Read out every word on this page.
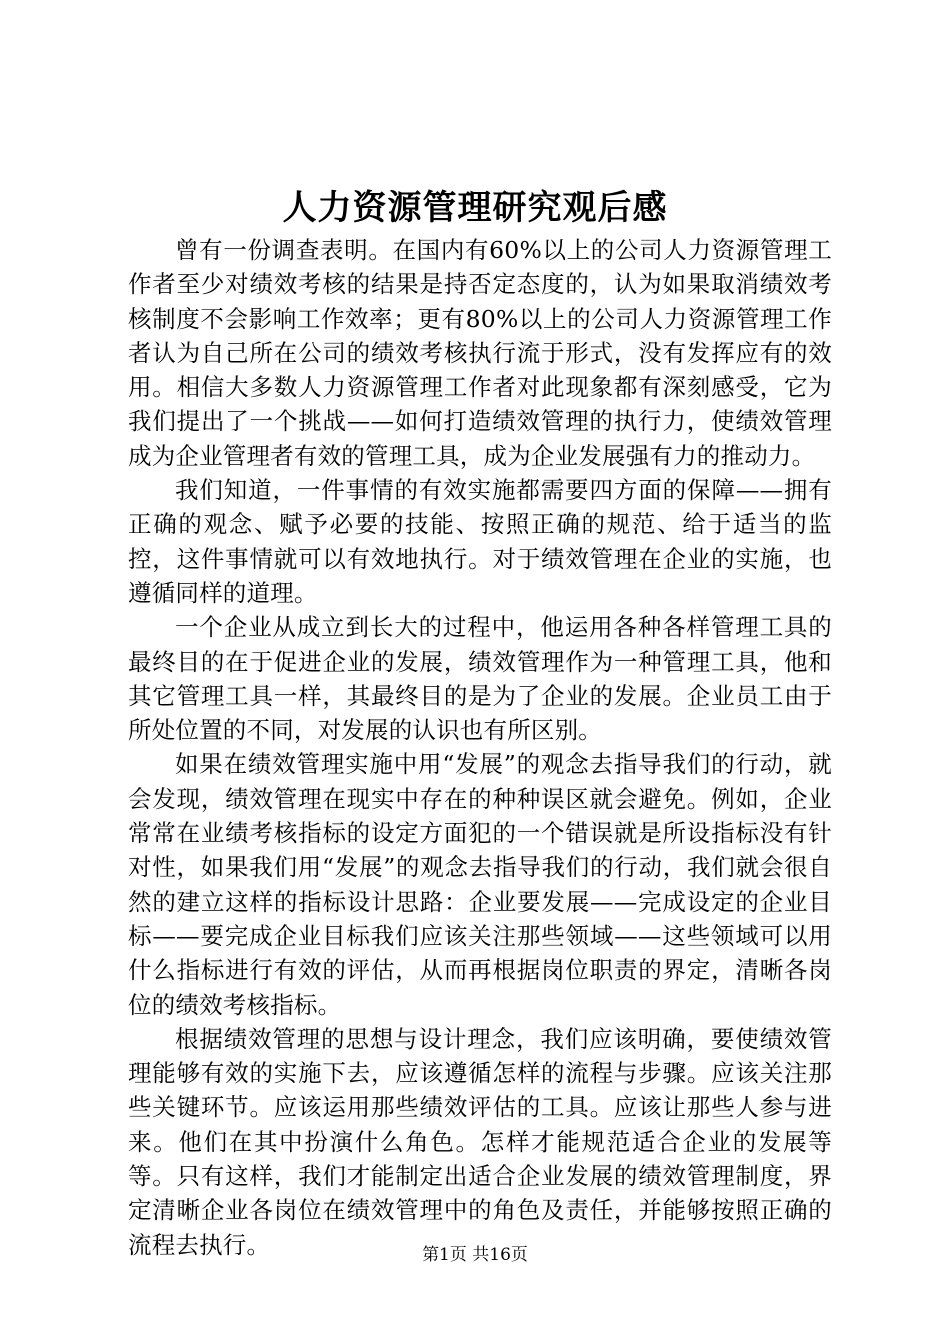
人力资源管理研究观后感

曾有一份调查表明。在国内有60%以上的公司人力资源管理工作者至少对绩效考核的结果是持否定态度的，认为如果取消绩效考核制度不会影响工作效率；更有80%以上的公司人力资源管理工作者认为自己所在公司的绩效考核执行流于形式，没有发挥应有的效用。相信大多数人力资源管理工作者对此现象都有深刻感受，它为我们提出了一个挑战——如何打造绩效管理的执行力，使绩效管理成为企业管理者有效的管理工具，成为企业发展强有力的推动力。

我们知道，一件事情的有效实施都需要四方面的保障——拥有正确的观念、赋予必要的技能、按照正确的规范、给于适当的监控，这件事情就可以有效地执行。对于绩效管理在企业的实施，也遵循同样的道理。

一个企业从成立到长大的过程中，他运用各种各样管理工具的最终目的在于促进企业的发展，绩效管理作为一种管理工具，他和其它管理工具一样，其最终目的是为了企业的发展。企业员工由于所处位置的不同，对发展的认识也有所区别。

如果在绩效管理实施中用“发展”的观念去指导我们的行动，就会发现，绩效管理在现实中存在的种种误区就会避免。例如，企业常常在业绩考核指标的设定方面犯的一个错误就是所设指标没有针对性，如果我们用“发展”的观念去指导我们的行动，我们就会很自然的建立这样的指标设计思路：企业要发展——完成设定的企业目标——要完成企业目标我们应该关注那些领域——这些领域可以用什么指标进行有效的评估，从而再根据岗位职责的界定，清晰各岗位的绩效考核指标。

根据绩效管理的思想与设计理念，我们应该明确，要使绩效管理能够有效的实施下去，应该遵循怎样的流程与步骤。应该关注那些关键环节。应该运用那些绩效评估的工具。应该让那些人参与进来。他们在其中扮演什么角色。怎样才能规范适合企业的发展等等。只有这样，我们才能制定出适合企业发展的绩效管理制度，界定清晰企业各岗位在绩效管理中的角色及责任，并能够按照正确的流程去执行。	第1页 共16页
